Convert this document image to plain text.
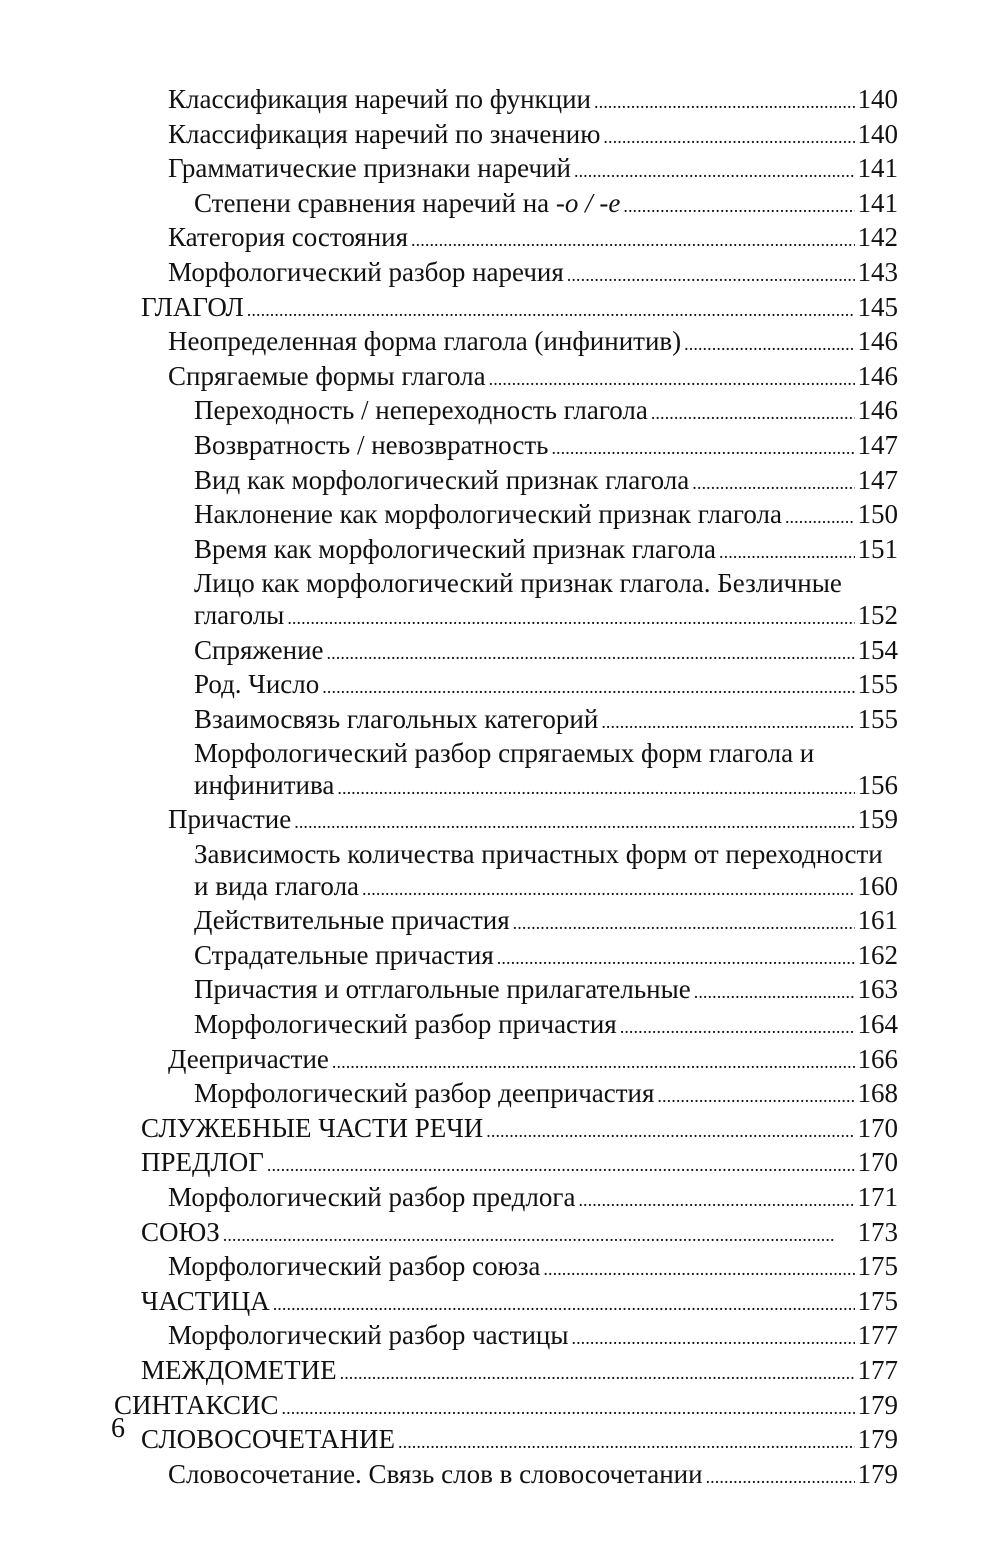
Классификация наречий по функции . . .	140
Классификация наречий по значению . . .	140
Грамматические признаки наречий . . .	141
Степени сравнения наречий на -о / -е . . .	141
Категория состояния . . .	142
Морфологический разбор наречия . . .	143
ГЛАГОЛ . . .	145
Неопределенная форма глагола (инфинитив) . . .	146
Спрягаемые формы глагола . . .	146
Переходность / непереходность глагола . . .	146
Возвратность / невозвратность . . .	147
Вид как морфологический признак глагола . . .	147
Наклонение как морфологический признак глагола . . .	150
Время как морфологический признак глагола . . .	151
Лицо как морфологический признак глагола. Безличные
глаголы . . .	152
Спряжение . . .	154
Род. Число . . .	155
Взаимосвязь глагольных категорий . . .	155
Морфологический разбор спрягаемых форм глагола и
инфинитива . . .	156
Причастие . . .	159
Зависимость количества причастных форм от переходности
и вида глагола . . .	160
Действительные причастия . . .	161
Страдательные причастия . . .	162
Причастия и отглагольные прилагательные . . .	163
Морфологический разбор причастия . . .	164
Деепричастие . . .	166
Морфологический разбор деепричастия . . .	168
СЛУЖЕБНЫЕ ЧАСТИ РЕЧИ . . .	170
ПРЕДЛОГ . . .	170
Морфологический разбор предлога . . .	171
СОЮЗ . . .	173
Морфологический разбор союза . . .	175
ЧАСТИЦА . . .	175
Морфологический разбор частицы . . .	177
МЕЖДОМЕТИЕ . . .	177
СИНТАКСИС . . .	179
СЛОВОСОЧЕТАНИЕ . . .	179
Словосочетание. Связь слов в словосочетании . . .	179
6
